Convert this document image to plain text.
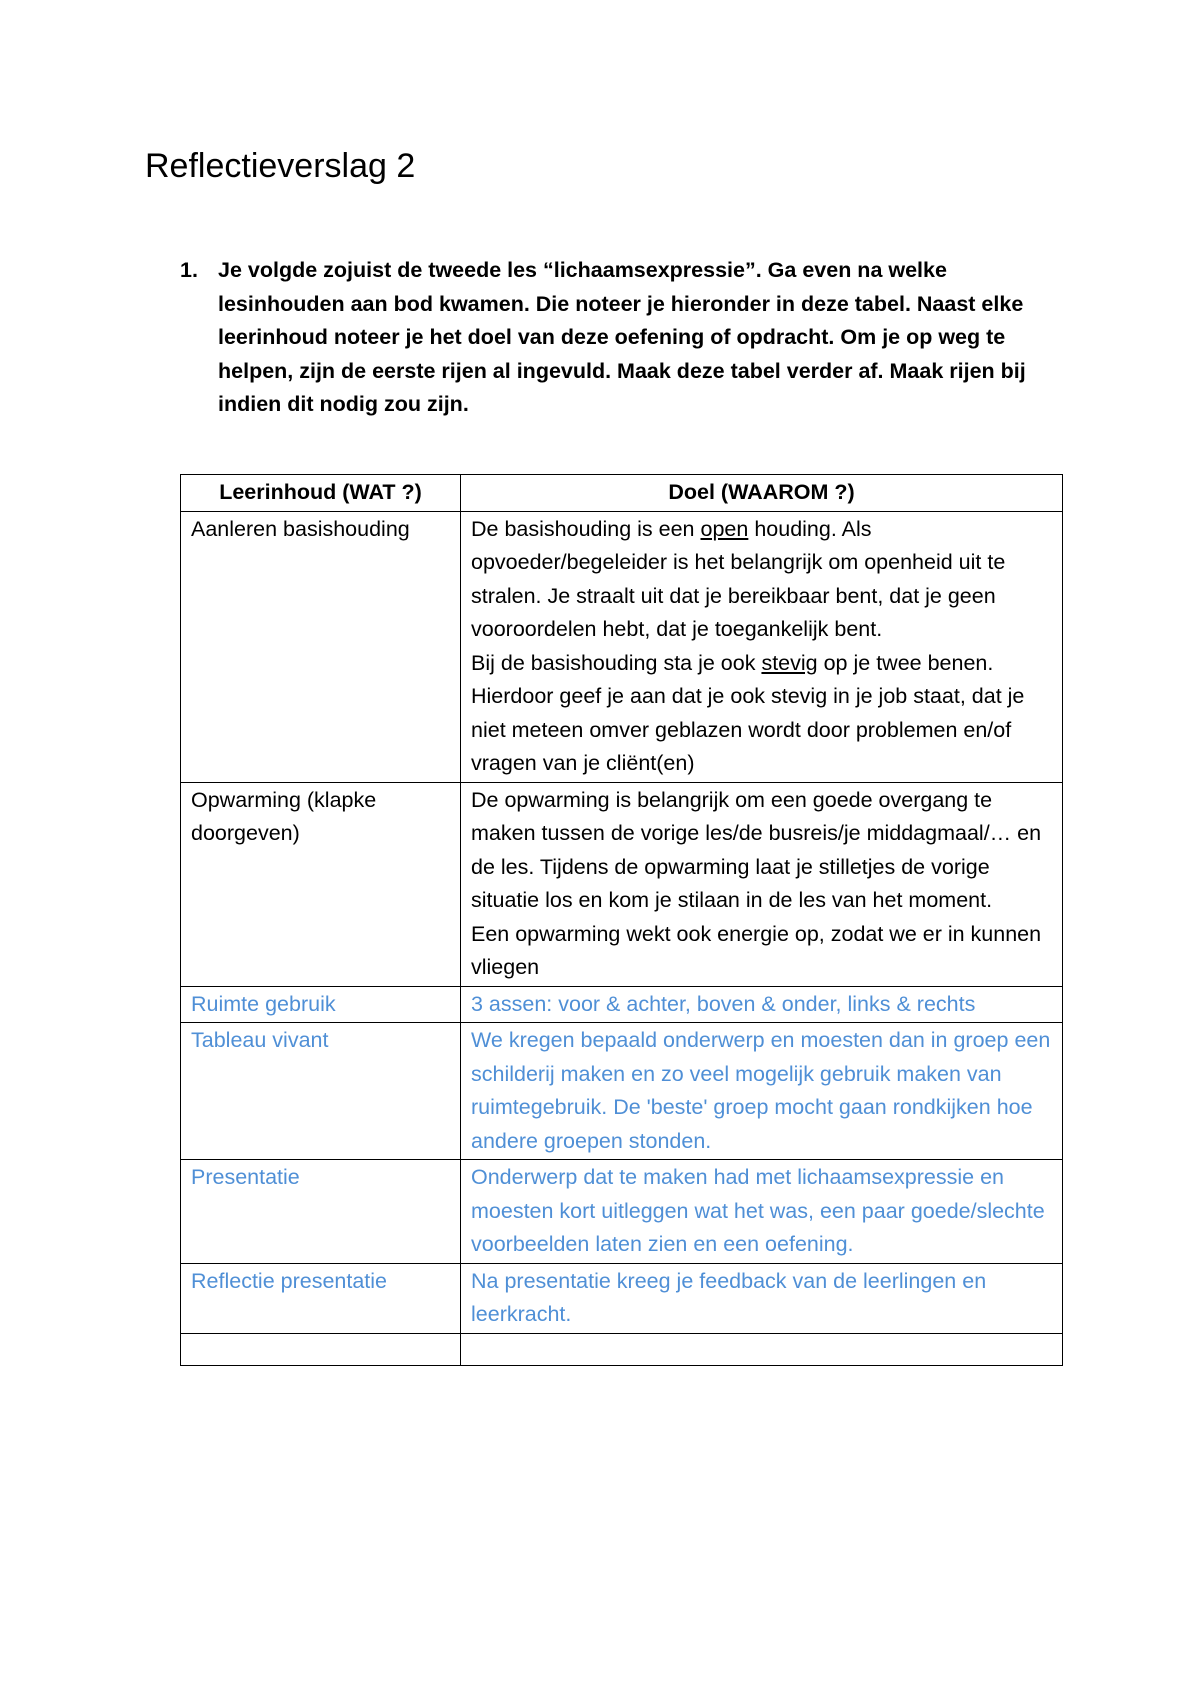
Reflectieverslag 2
1. Je volgde zojuist de tweede les “lichaamsexpressie”. Ga even na welke lesinhouden aan bod kwamen. Die noteer je hieronder in deze tabel. Naast elke leerinhoud noteer je het doel van deze oefening of opdracht. Om je op weg te helpen, zijn de eerste rijen al ingevuld. Maak deze tabel verder af. Maak rijen bij indien dit nodig zou zijn.
Leerinhoud (WAT ?)	Doel (WAAROM ?)
Aanleren basishouding	De basishouding is een open houding. Als opvoeder/begeleider is het belangrijk om openheid uit te stralen. Je straalt uit dat je bereikbaar bent, dat je geen vooroordelen hebt, dat je toegankelijk bent.
Bij de basishouding sta je ook stevig op je twee benen. Hierdoor geef je aan dat je ook stevig in je job staat, dat je niet meteen omver geblazen wordt door problemen en/of vragen van je cliënt(en)

Opwarming (klapke doorgeven)	De opwarming is belangrijk om een goede overgang te maken tussen de vorige les/de busreis/je middagmaal/… en de les. Tijdens de opwarming laat je stilletjes de vorige situatie los en kom je stilaan in de les van het moment.
Een opwarming wekt ook energie op, zodat we er in kunnen vliegen

Ruimte gebruik	3 assen: voor & achter, boven & onder, links & rechts
Tableau vivant	We kregen bepaald onderwerp en moesten dan in groep een schilderij maken en zo veel mogelijk gebruik maken van ruimtegebruik. De 'beste' groep mocht gaan rondkijken hoe andere groepen stonden.
Presentatie	Onderwerp dat te maken had met lichaamsexpressie en moesten kort uitleggen wat het was, een paar goede/slechte voorbeelden laten zien en een oefening.
Reflectie presentatie	Na presentatie kreeg je feedback van de leerlingen en leerkracht.
